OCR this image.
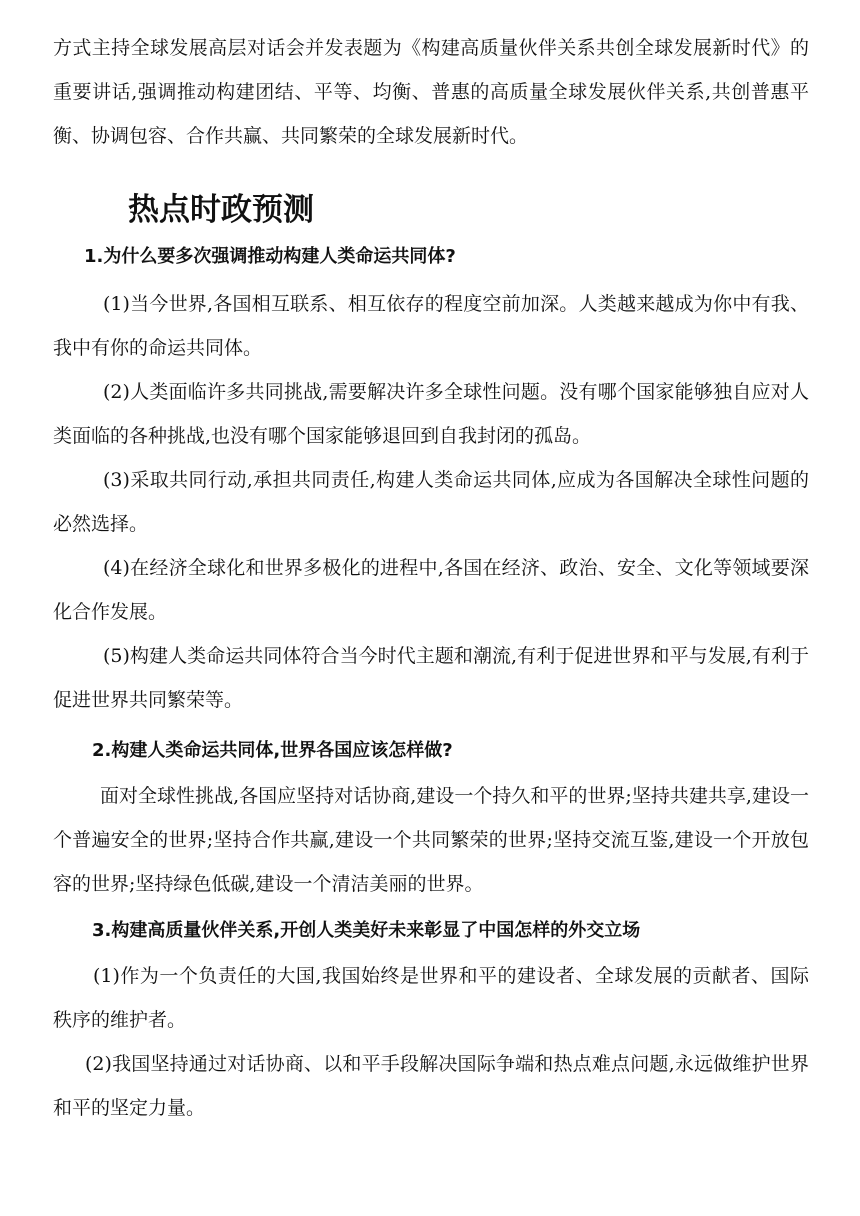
方式主持全球发展高层对话会并发表题为《构建高质量伙伴关系共创全球发展新时代》的重要讲话,强调推动构建团结、平等、均衡、普惠的高质量全球发展伙伴关系,共创普惠平衡、协调包容、合作共赢、共同繁荣的全球发展新时代。

热点时政预测

1.为什么要多次强调推动构建人类命运共同体?

(1)当今世界,各国相互联系、相互依存的程度空前加深。人类越来越成为你中有我、我中有你的命运共同体。

(2)人类面临许多共同挑战,需要解决许多全球性问题。没有哪个国家能够独自应对人类面临的各种挑战,也没有哪个国家能够退回到自我封闭的孤岛。

(3)采取共同行动,承担共同责任,构建人类命运共同体,应成为各国解决全球性问题的必然选择。

(4)在经济全球化和世界多极化的进程中,各国在经济、政治、安全、文化等领域要深化合作发展。

(5)构建人类命运共同体符合当今时代主题和潮流,有利于促进世界和平与发展,有利于促进世界共同繁荣等。

2.构建人类命运共同体,世界各国应该怎样做?

面对全球性挑战,各国应坚持对话协商,建设一个持久和平的世界;坚持共建共享,建设一个普遍安全的世界;坚持合作共赢,建设一个共同繁荣的世界;坚持交流互鉴,建设一个开放包容的世界;坚持绿色低碳,建设一个清洁美丽的世界。

3.构建高质量伙伴关系,开创人类美好未来彰显了中国怎样的外交立场

(1)作为一个负责任的大国,我国始终是世界和平的建设者、全球发展的贡献者、国际秩序的维护者。

(2)我国坚持通过对话协商、以和平手段解决国际争端和热点难点问题,永远做维护世界和平的坚定力量。
